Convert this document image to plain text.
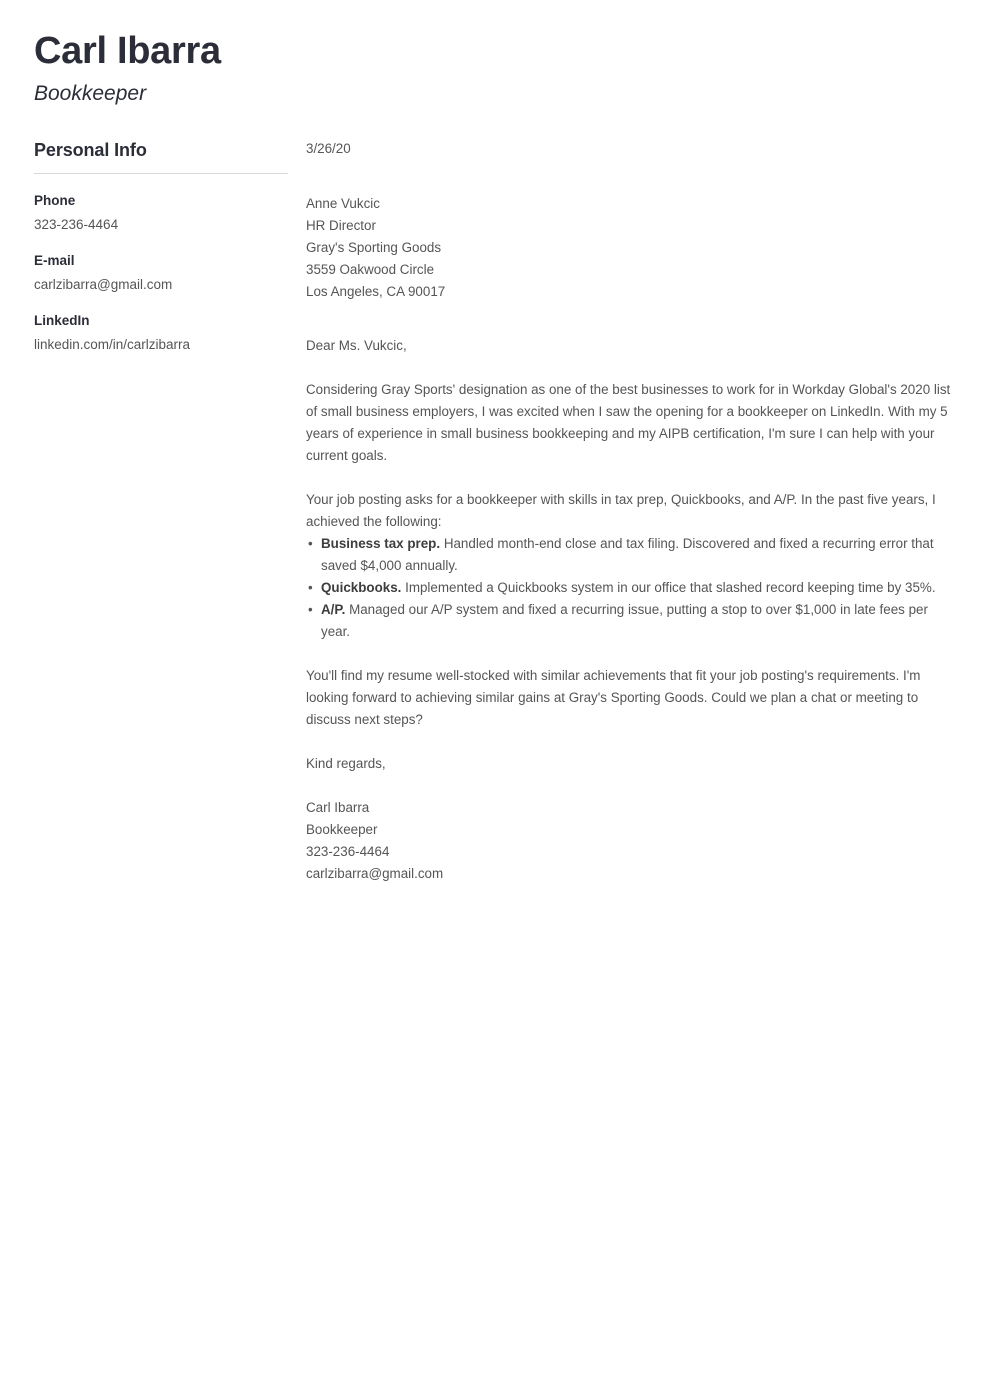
Carl Ibarra
Bookkeeper
Personal Info
Phone
323-236-4464
E-mail
carlzibarra@gmail.com
LinkedIn
linkedin.com/in/carlzibarra

3/26/20

Anne Vukcic

HR Director

Gray's Sporting Goods

3559 Oakwood Circle

Los Angeles, CA 90017

Dear Ms. Vukcic,

Considering Gray Sports' designation as one of the best businesses to work for in Workday Global's 2020 list of small business employers, I was excited when I saw the opening for a bookkeeper on LinkedIn. With my 5 years of experience in small business bookkeeping and my AIPB certification, I'm sure I can help with your current goals.

Your job posting asks for a bookkeeper with skills in tax prep, Quickbooks, and A/P. In the past five years, I achieved the following:

• Business tax prep. Handled month-end close and tax filing. Discovered and fixed a recurring error that saved $4,000 annually.
• Quickbooks. Implemented a Quickbooks system in our office that slashed record keeping time by 35%.
• A/P. Managed our A/P system and fixed a recurring issue, putting a stop to over $1,000 in late fees per year.

You'll find my resume well-stocked with similar achievements that fit your job posting's requirements. I'm looking forward to achieving similar gains at Gray's Sporting Goods. Could we plan a chat or meeting to discuss next steps?

Kind regards,

Carl Ibarra

Bookkeeper

323-236-4464

carlzibarra@gmail.com
